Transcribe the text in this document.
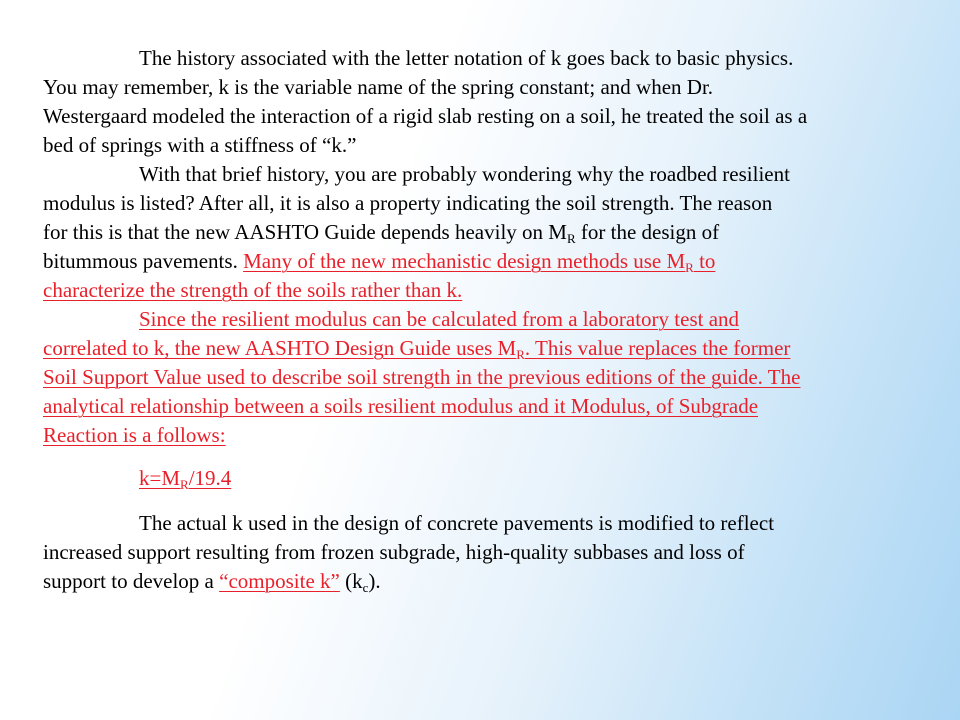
The history associated with the letter notation of k goes back to basic physics.
You may remember, k is the variable name of the spring constant; and when Dr.
Westergaard modeled the interaction of a rigid slab resting on a soil, he treated the soil as a
bed of springs with a stiffness of “k.”
With that brief history, you are probably wondering why the roadbed resilient
modulus is listed? After all, it is also a property indicating the soil strength. The reason
for this is that the new AASHTO Guide depends heavily on $M_R$ for the design of
bitummous pavements. Many of the new mechanistic design methods use $M_R$ to
characterize the strength of the soils rather than k.
Since the resilient modulus can be calculated from a laboratory test and
correlated to k, the new AASHTO Design Guide uses $M_R$. This value replaces the former
Soil Support Value used to describe soil strength in the previous editions of the guide. The
analytical relationship between a soils resilient modulus and it Modulus, of Subgrade
Reaction is a follows:
$k=M_R/19.4$
The actual k used in the design of concrete pavements is modified to reflect
increased support resulting from frozen subgrade, high-quality subbases and loss of
support to develop a “composite k” $(k_c)$.
